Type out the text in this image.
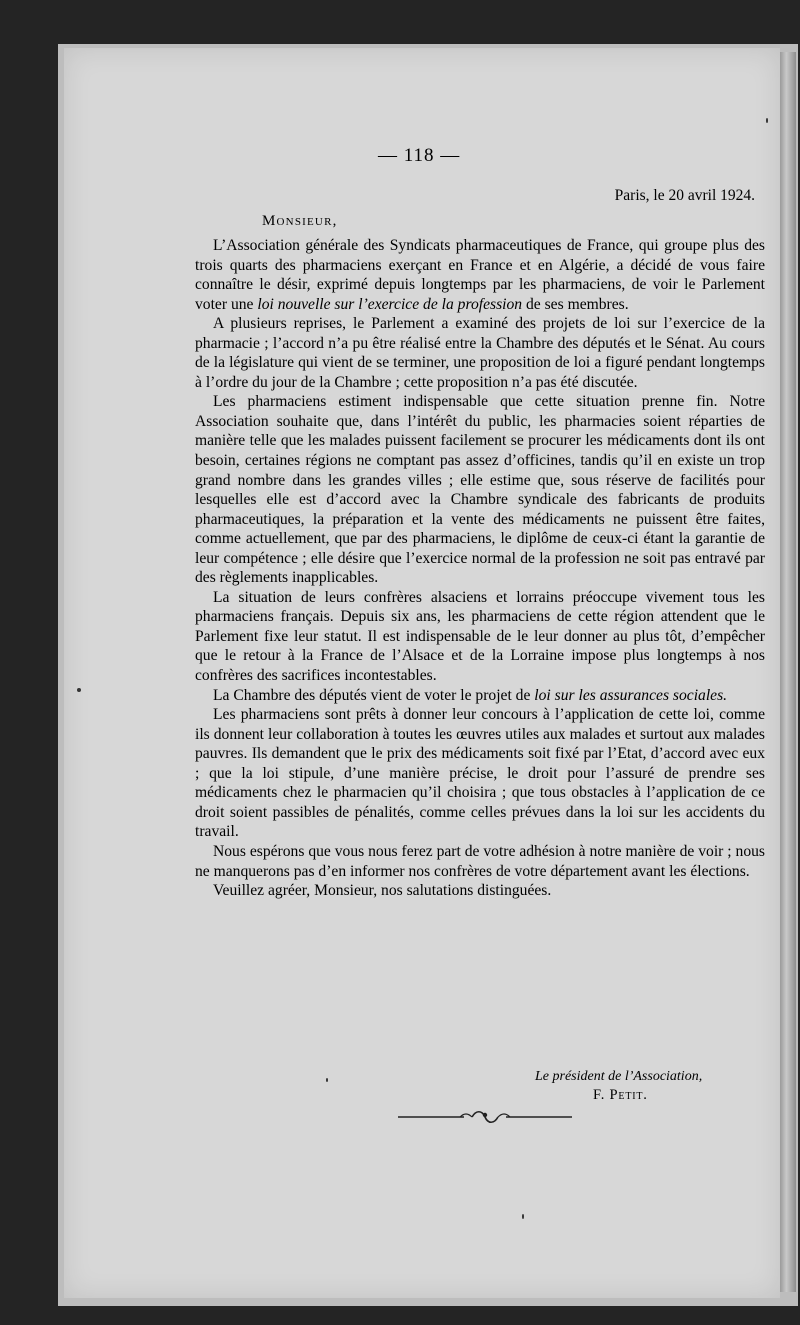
— 118 —
Paris, le 20 avril 1924.
Monsieur,

L’Association générale des Syndicats pharmaceutiques de France, qui groupe plus des trois quarts des pharmaciens exerçant en France et en Algérie, a décidé de vous faire connaître le désir, exprimé depuis longtemps par les pharmaciens, de voir le Parlement voter une loi nouvelle sur l’exercice de la profession de ses membres.

A plusieurs reprises, le Parlement a examiné des projets de loi sur l’exercice de la pharmacie ; l’accord n’a pu être réalisé entre la Chambre des députés et le Sénat. Au cours de la législature qui vient de se terminer, une proposition de loi a figuré pendant longtemps à l’ordre du jour de la Chambre ; cette proposition n’a pas été discutée.

Les pharmaciens estiment indispensable que cette situation prenne fin. Notre Association souhaite que, dans l’intérêt du public, les pharmacies soient réparties de manière telle que les malades puissent facilement se procurer les médicaments dont ils ont besoin, certaines régions ne comptant pas assez d’officines, tandis qu’il en existe un trop grand nombre dans les grandes villes ; elle estime que, sous réserve de facilités pour lesquelles elle est d’accord avec la Chambre syndicale des fabricants de produits pharmaceutiques, la préparation et la vente des médicaments ne puissent être faites, comme actuellement, que par des pharmaciens, le diplôme de ceux-ci étant la garantie de leur compétence ; elle désire que l’exercice normal de la profession ne soit pas entravé par des règlements inapplicables.

La situation de leurs confrères alsaciens et lorrains préoccupe vivement tous les pharmaciens français. Depuis six ans, les pharmaciens de cette région attendent que le Parlement fixe leur statut. Il est indispensable de le leur donner au plus tôt, d’empêcher que le retour à la France de l’Alsace et de la Lorraine impose plus longtemps à nos confrères des sacrifices incontestables.

La Chambre des députés vient de voter le projet de loi sur les assurances sociales.

Les pharmaciens sont prêts à donner leur concours à l’application de cette loi, comme ils donnent leur collaboration à toutes les œuvres utiles aux malades et surtout aux malades pauvres. Ils demandent que le prix des médicaments soit fixé par l’Etat, d’accord avec eux ; que la loi stipule, d’une manière précise, le droit pour l’assuré de prendre ses médicaments chez le pharmacien qu’il choisira ; que tous obstacles à l’application de ce droit soient passibles de pénalités, comme celles prévues dans la loi sur les accidents du travail.

Nous espérons que vous nous ferez part de votre adhésion à notre manière de voir ; nous ne manquerons pas d’en informer nos confrères de votre département avant les élections.

Veuillez agréer, Monsieur, nos salutations distinguées.

Le président de l’Association,
F. Petit.
